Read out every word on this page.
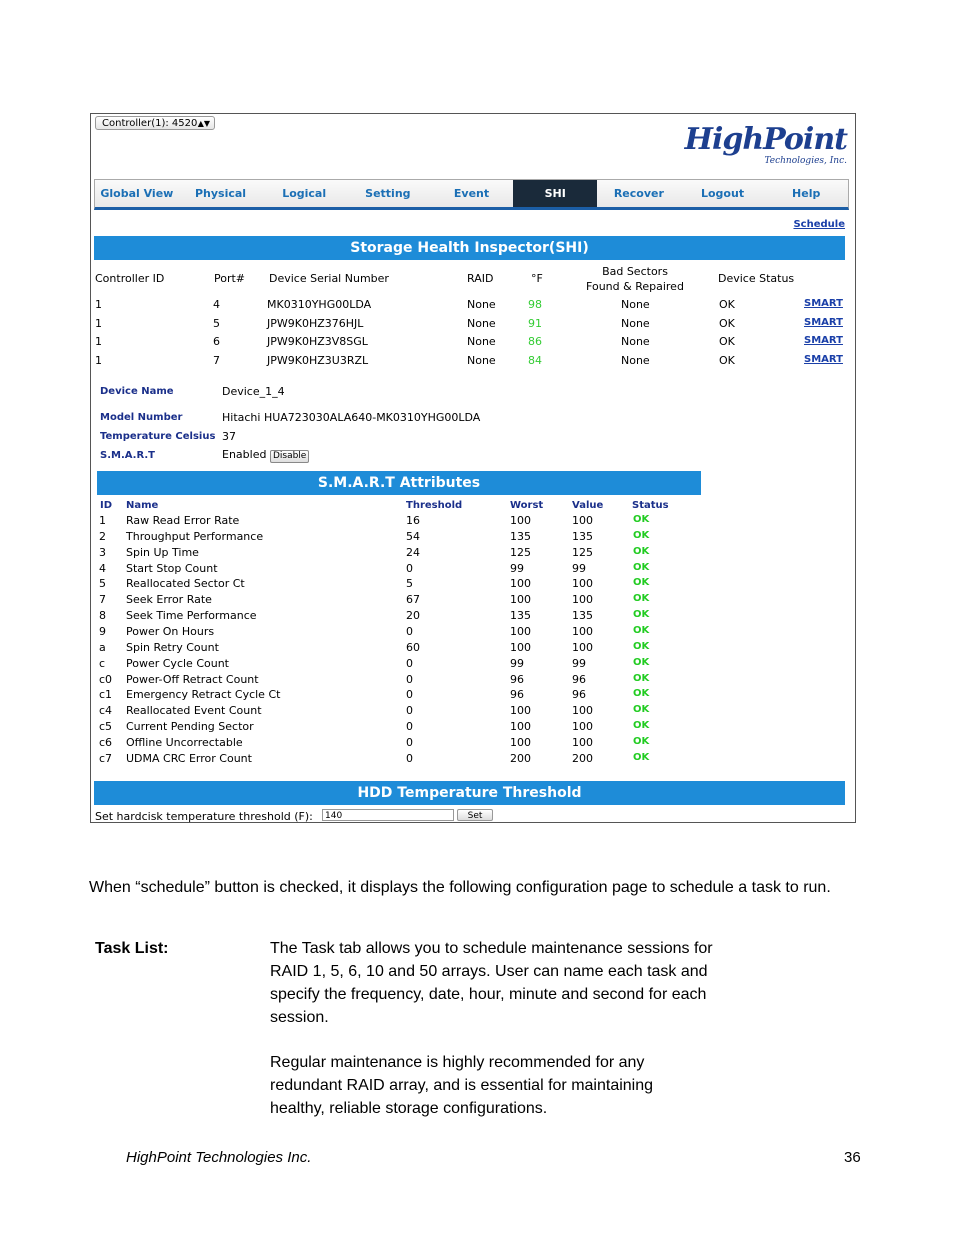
Controller(1): 4520 ▲▼	HighPoint
Technologies, Inc.
Global View	Physical	Logical	Setting	Event	SHI	Recover	Logout	Help
Schedule
Storage Health Inspector(SHI)
Controller ID	Port# Device Serial Number	RAID	°F
Bad Sectors
Found & Repaired
Device Status
1	4	MK0310YHG00LDA	None	98	None	OK	SMART
1	5	JPW9K0HZ376HJL	None	91	None	OK	SMART
1	6	JPW9K0HZ3V8SGL	None	86	None	OK	SMART
1	7	JPW9K0HZ3U3RZL	None	84	None	OK	SMART
Device Name	Device_1_4
Model Number	Hitachi HUA723030ALA640-MK0310YHG00LDA
Temperature Celsius 37
S.M.A.R.T	Enabled Disable
S.M.A.R.T Attributes
ID Name	Threshold	Worst	Value	Status
1 Raw Read Error Rate	16	100	100	OK
2 Throughput Performance	54	135	135	OK
3 Spin Up Time	24	125	125	OK
4 Start Stop Count	0	99	99	OK
5 Reallocated Sector Ct	5	100	100	OK
7 Seek Error Rate	67	100	100	OK
8 Seek Time Performance	20	135	135	OK
9 Power On Hours	0	100	100	OK
a Spin Retry Count	60	100	100	OK
c Power Cycle Count	0	99	99	OK
c0 Power-Off Retract Count	0	96	96	OK
c1 Emergency Retract Cycle Ct	0	96	96	OK
c4 Reallocated Event Count	0	100	100	OK
c5 Current Pending Sector	0	100	100	OK
c6 Offline Uncorrectable	0	100	100	OK
c7 UDMA CRC Error Count	0	200	200	OK
HDD Temperature Threshold
Set hardcisk temperature threshold (F):	140	Set
When “schedule” button is checked, it displays the following configuration page to schedule a task to run.
Task List:	The Task tab allows you to schedule maintenance sessions for RAID 1, 5, 6, 10 and 50 arrays. User can name each task and specify the frequency, date, hour, minute and second for each session.
Regular maintenance is highly recommended for any redundant RAID array, and is essential for maintaining healthy, reliable storage configurations.
HighPoint Technologies Inc.	36
